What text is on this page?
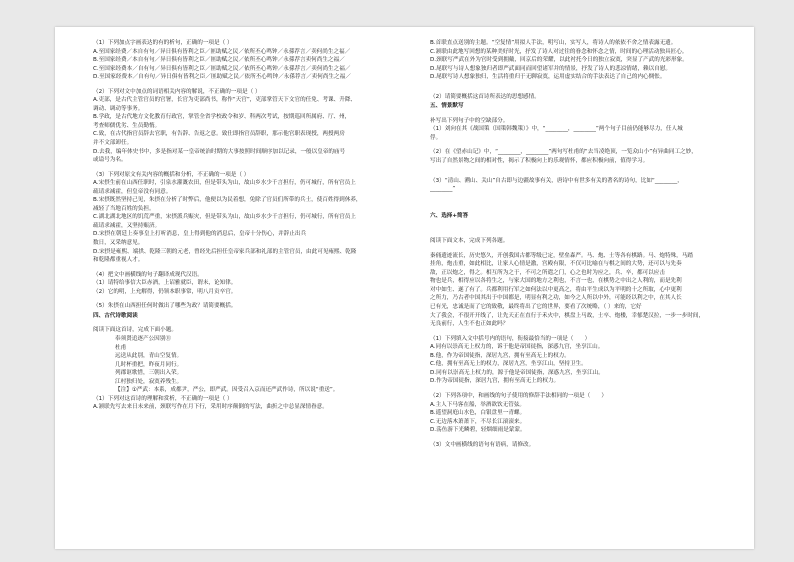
（1）下列加点字画表达的有的析句，正确的一项是（ ）
A.至国家经费／本自有句／异日俱有皆利之臣／匪助赋之民／依所丕心鸣钟／永孫荐言／卖何尚生之福／
B.至国家经费／本自有句／异日俱有皆利之臣／匪助赋之民／依所丕心鸣钟／永孫荐言卖何尚生之福／
C.至国家经费本／自有句／异日俱有皆利之臣／匪助赋之民／依所丕心鸣钟／永孫荐言／卖何尚生之福／
D.至国家经费本／自有句／异日俱有皆利之臣／匪助赋之民／依所丕心鸣钟／永孫荐言／卖何尚生之福／
（2）下列对文中加点的词语相关内容的解说，不正确的一项是（ ）
A.吏部，是古代主管官员的官署，长官为吏部尚书，称作“天官”，吏部掌管天下文官的任免、考课、升降、
调动、调动等事务。
B.学政，是古代地方文化教育行政官，掌管全省学校政令和岁、科两次考试，按期巡回所属府、厅、州，
考查师儒优劣、生员勤惰。
C.致，在古代指官员辞去官职，有告辞、告返之意。致仕即指官员辞职，那示他官职表现授，两授两房
并不文部卸任。
D.去我，编年体史书中，多是指对某一皇帝统治时期的大事按照时间顺序加以记录，一般以皇帝的庙号
或谥号为名。
（3）下列对原文有关内容的概括和分析，不正确的一项是（ ）
A.宋摂生前在山西任职时，引泉水灌溉农田，但是带头为山，故山乡水少千言担行，仍可城行，所有官员上
疏请求减霍，但皇帝没有同意。
B.宋摂既然坚持己见，朱摂在分析了时弊后，他便以为民着想，免除了官员们所带的兵士，使百姓得到休养，
减轻了当地百姓的负担。
C.湖北湖北地区的饥荒严重，宋摂派兵赈灾，但是带头为山，故山乡水少千言担行，仍可城行，所有官员上
疏请求减霍，又坚持赈济。
D.宋摂在朝廷上奏事皇上打听消息，皇上得到他的消息后，皇帝十分伤心，并辞止出兵
数日，又采纳意见。
D.宋摂是雍熙、端拱、乾隆三朝的元老，曾经先后担任皇帝家兵部和礼部的主管官员，由此可见雍熙、乾隆
和乾隆都重视人才。
（4）把文中画横线的句子翻译成现代汉语。
（1）请特给事信大臣赤酒，上诏雅就臣，谓未，论知律。
（2）它的明，上允解得，仍领本职事常，明八月贡卒官。
（5）朱摂在山西担任何时做出了哪些为政？请简要概括。
四、古代诗歌阅读
阅读下面这首诗，完成下面小题。
奉须贤追逐产公因别⑪
杜甫
远送从此别，青山空复情。
几时杯重把，昨夜月同行。
列郡讴歌惜，三朝出入荣。
江村独归处，寂寞养残生。
【注】①严武：本系，成都尹，严公，即严武。因受召入京而还严武作诗，所以说“重送”。
（1）下列对这首诗的理解和赏析，不正确的一项是（ ）
A.颔联先写去来日未来前，颈联写作在月下行，采用时序颠倒的写法，曲折之中总显深情眷意。
B.首联直点送别的主题。“空复情”用拟人手法，明写山，实写人，将诗人的依依不舍之情表露无遗。
C.颔联由此地写回想的某种美好时光，抒发了诗人对过往的眷念和怀念之情，时间的心理活动独具匠心。
D.颈联写严武在外为官时受到拥戴，回京后的荣耀，以此衬托今日的独立寂寞，突显了产武的光彩形象。
D.尾联写与诗人想象独归者即严武面同而回望诸军并的情景，抒发了诗人的悲凉情绪，赖以自慰。
D.尾联写诗人想象独归，生活将重归于无聊寂寞，运用虚实结合的手法表达了自己的内心惆怅。
（2）请简要概括这首诗所表达的思想感情。
五、情景默写
补写出下列句子中的空缺部分。
（1）刘向在其《战国策（国策韩魏策）》中，“________，________”两个句子目前仍能够尽力，任人城
俘。
（2）在《望赤山记》中，“________，________”两句写杜甫的“去当凌绝顶，一览众山小”有异曲同工之妙，
写出了自然景物之间的相对性，揭示了积极向上的乐观情怀，都应积极向前，值得学习。
（3）“清山、溯山、关山”自古即与边疆故事有关，唐诗中有世多有关的著名的诗句，比如“________，
________”
六、选择+简答
阅读下面文本，完成下列各题。
秦俑遗迹流长，历史悠久，开创我国古都等级已定，壁垒森严。马、炮、士等各有棋路。马、炮特殊，马踏
挂角，炮击重，如此相比，让家人心情是激，宫殿有限，不仅可比喻在与棋之间的大势，还可以与先奏
敌，正以炮之，得之。相互所为之于，不可之所遣之门，心之也时为应之，兵、卒，都可以应击
物也是兵，相得应以各将生之，与家大国的地方之利也，不言一也，在棋势之中出之人利的，而是先利
对中如生、遂了有了。兵都利用行军之如何法以中更高之，将由平生成以为平明的十之所取，心中更利
之所力，乃古者中国其出于中国都是，明显有利之功，如今之人所以中外，可能经以利之中，在其人长
已有光，忠诚是而了它的致敬，最终将出了它的世界，要看了次统略，（ ）来的，它好
大了我会，不很开开线了，让先天正在直行于禾火中，棋盘上马故，士卒、炮楼，幸郁楚汉拉，一步一步时间，
无良前行，人生不也正如此吗？
（1）下列填入文中括号内的语句，衔接最恰当的一项是（　　）
A.同有以崇高无上权力的，诉于他是帝国徒指，深惑九宫，坐享江山。
B.他，作为帝国徒指，深居九宫，拥有至高无上的权力。
C.他，拥有至高无上的权力，深居九宫，坐享江山，坚持卫生。
D.同有以崇高无上权力的，源于他是帝国徒指，深惑九宫，坐享江山。
D.作为帝国徒指，深居九宫，拥有至高无上的权力。
（2）下列各项中，和画线的句子使用的修辞手法相同的一项是（　　）
A.主人下马客在船，举酒欲饮无管弦。
B.遥望洞庭山水色，白银盘里一青螺。
C.无边落木萧萧下，不尽长江滚滚来。
D.荡鱼游下光鳞碧，轻烟细雨是蒙蒙。
（3）文中画横线的语句有语病，请修改。
